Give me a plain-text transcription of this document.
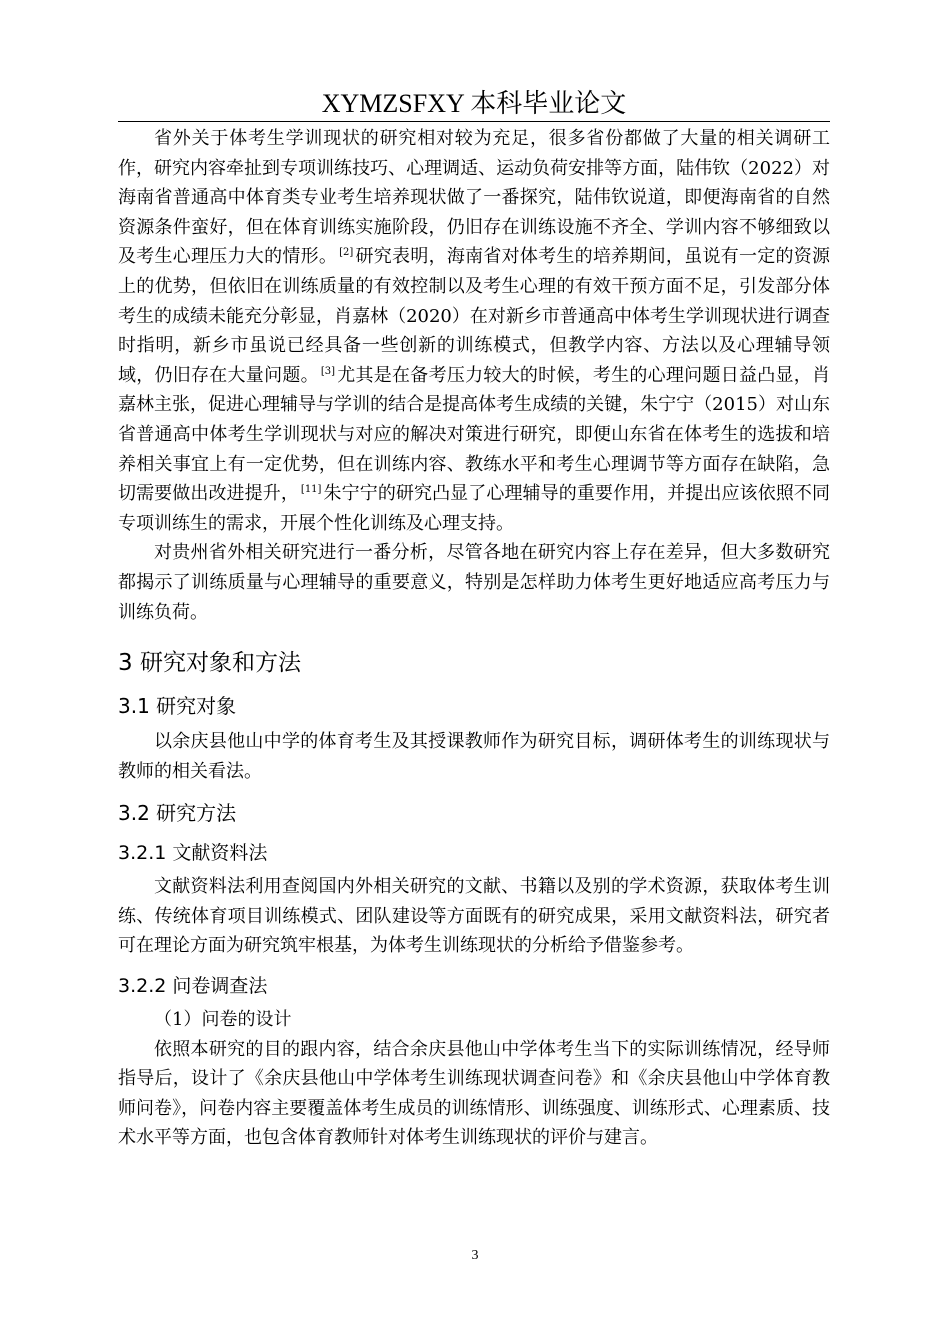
XYMZSFXY 本科毕业论文

省外关于体考生学训现状的研究相对较为充足，很多省份都做了大量的相关调研工作，研究内容牵扯到专项训练技巧、心理调适、运动负荷安排等方面，陆伟钦（2022）对海南省普通高中体育类专业考生培养现状做了一番探究，陆伟钦说道，即便海南省的自然资源条件蛮好，但在体育训练实施阶段，仍旧存在训练设施不齐全、学训内容不够细致以及考生心理压力大的情形。 [2] 研究表明，海南省对体考生的培养期间，虽说有一定的资源上的优势，但依旧在训练质量的有效控制以及考生心理的有效干预方面不足，引发部分体考生的成绩未能充分彰显，肖嘉林（2020）在对新乡市普通高中体考生学训现状进行调查时指明，新乡市虽说已经具备一些创新的训练模式，但教学内容、方法以及心理辅导领域，仍旧存在大量问题。 [3] 尤其是在备考压力较大的时候，考生的心理问题日益凸显，肖嘉林主张，促进心理辅导与学训的结合是提高体考生成绩的关键，朱宁宁（2015）对山东省普通高中体考生学训现状与对应的解决对策进行研究，即便山东省在体考生的选拔和培养相关事宜上有一定优势，但在训练内容、教练水平和考生心理调节等方面存在缺陷，急切需要做出改进提升， [11] 朱宁宁的研究凸显了心理辅导的重要作用，并提出应该依照不同专项训练生的需求，开展个性化训练及心理支持。

对贵州省外相关研究进行一番分析，尽管各地在研究内容上存在差异，但大多数研究都揭示了训练质量与心理辅导的重要意义，特别是怎样助力体考生更好地适应高考压力与训练负荷。

3 研究对象和方法
3.1 研究对象

以余庆县他山中学的体育考生及其授课教师作为研究目标，调研体考生的训练现状与教师的相关看法。

3.2 研究方法
3.2.1 文献资料法

文献资料法利用查阅国内外相关研究的文献、书籍以及别的学术资源，获取体考生训练、传统体育项目训练模式、团队建设等方面既有的研究成果，采用文献资料法，研究者可在理论方面为研究筑牢根基，为体考生训练现状的分析给予借鉴参考。

3.2.2 问卷调查法

（1）问卷的设计

依照本研究的目的跟内容，结合余庆县他山中学体考生当下的实际训练情况，经导师指导后，设计了《余庆县他山中学体考生训练现状调查问卷》和《余庆县他山中学体育教师问卷》，问卷内容主要覆盖体考生成员的训练情形、训练强度、训练形式、心理素质、技术水平等方面，也包含体育教师针对体考生训练现状的评价与建言。

3
